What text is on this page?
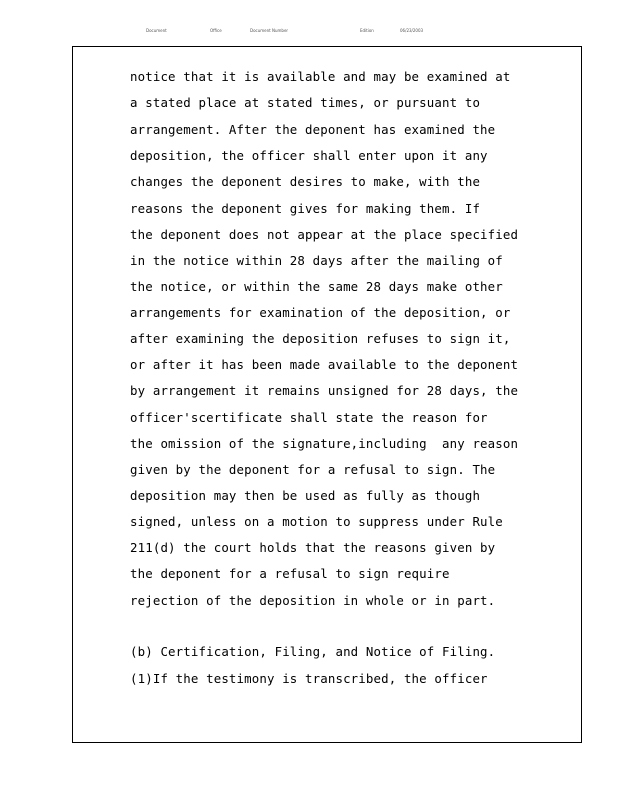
Document	Office	Document Number	Edition	06/23/2003
notice that it is available and may be examined at
a stated place at stated times, or pursuant to
arrangement. After the deponent has examined the
deposition, the officer shall enter upon it any
changes the deponent desires to make, with the
reasons the deponent gives for making them. If
the deponent does not appear at the place specified
in the notice within 28 days after the mailing of
the notice, or within the same 28 days make other
arrangements for examination of the deposition, or
after examining the deposition refuses to sign it,
or after it has been made available to the deponent
by arrangement it remains unsigned for 28 days, the
officer'scertificate shall state the reason for
the omission of the signature,including  any reason
given by the deponent for a refusal to sign. The
deposition may then be used as fully as though
signed, unless on a motion to suppress under Rule
211(d) the court holds that the reasons given by
the deponent for a refusal to sign require
rejection of the deposition in whole or in part.
(b) Certification, Filing, and Notice of Filing.
(1)If the testimony is transcribed, the officer
